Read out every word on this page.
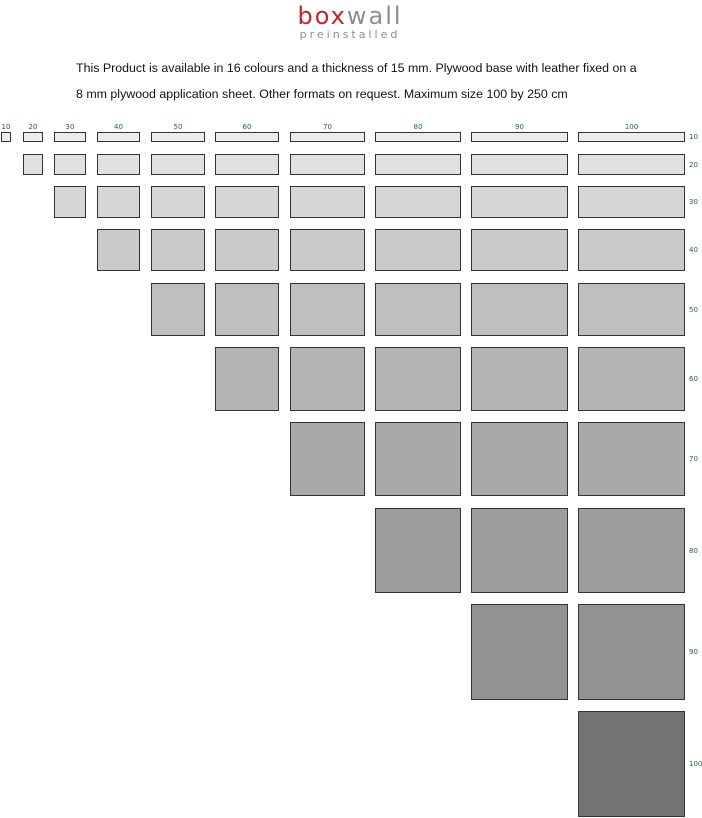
boxwall
preinstalled

This Product is available in 16 colours and a thickness of 15 mm. Plywood base with leather fixed on a

8 mm plywood application sheet. Other formats on request. Maximum size 100 by 250 cm

10	20	30	40	50	60	70	80	90	100
10
20
30
40
50
60
70
80
90
100
